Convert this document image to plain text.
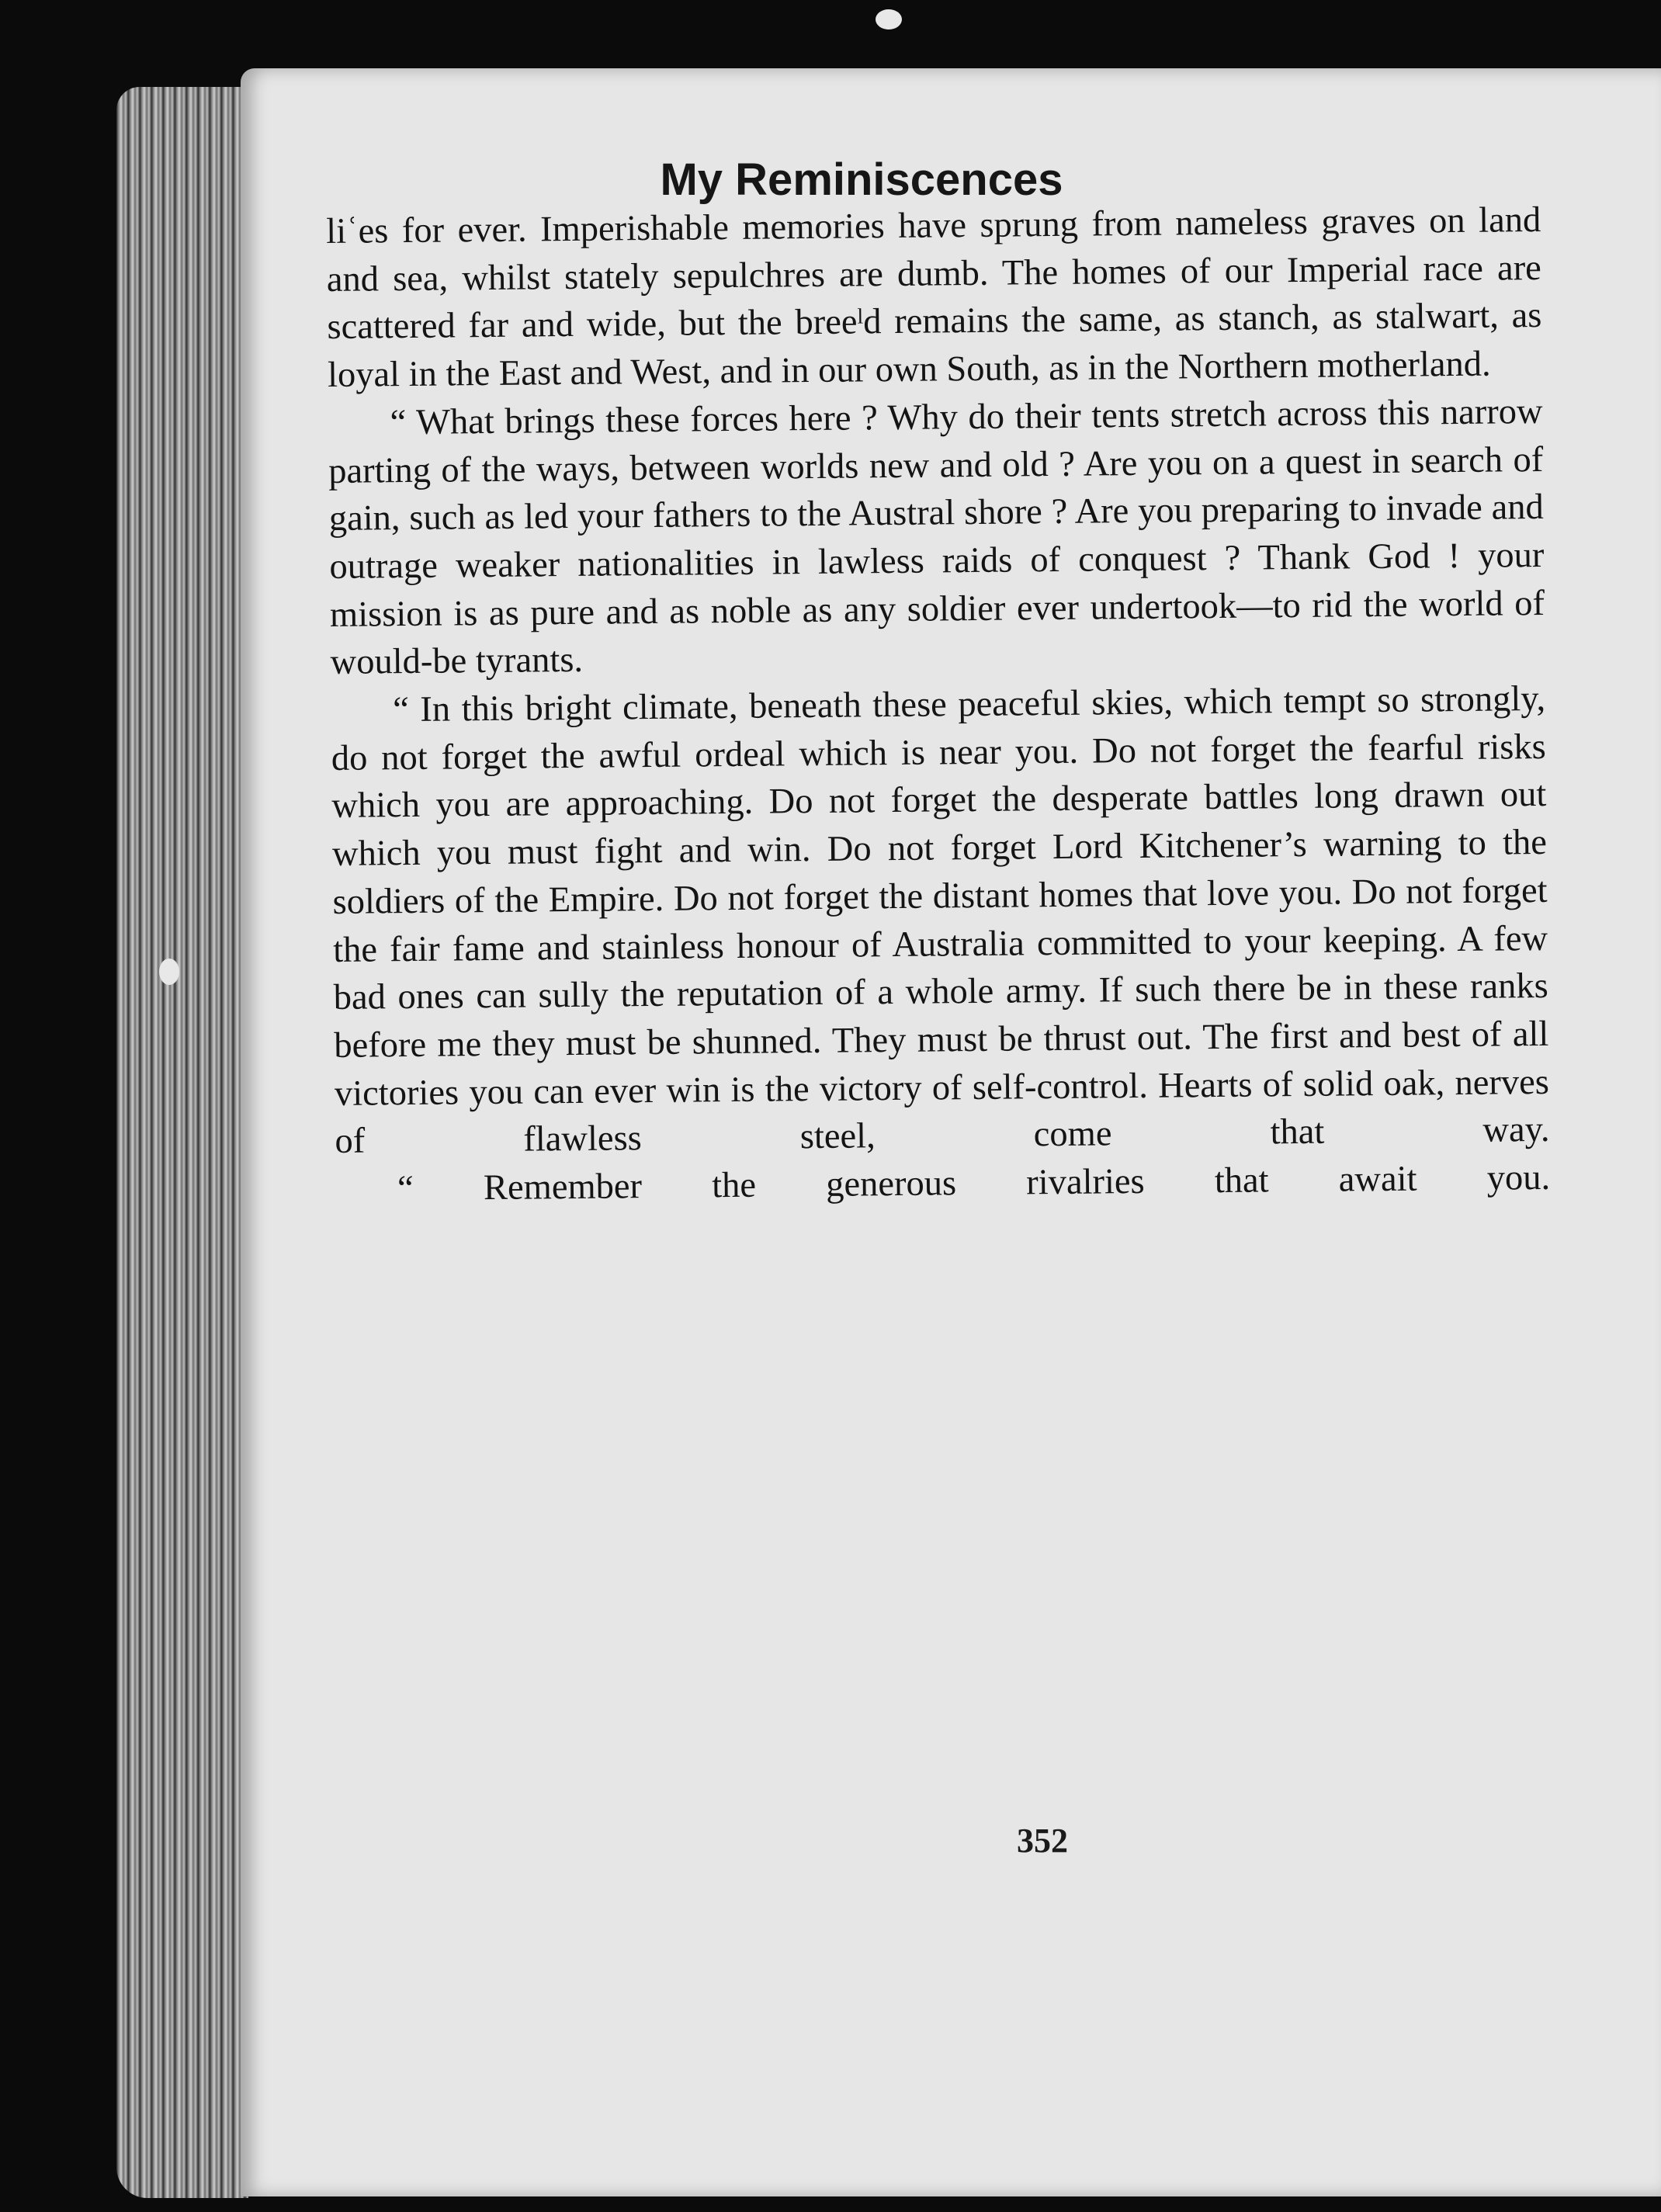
My Reminiscences

liʿes for ever. Imperishable memories have sprung from nameless graves on land and sea, whilst stately sepulchres are dumb. The homes of our Imperial race are scattered far and wide, but the breeˡd remains the same, as stanch, as stalwart, as loyal in the East and West, and in our own South, as in the Northern motherland.

“ What brings these forces here ? Why do their tents stretch across this narrow parting of the ways, between worlds new and old ? Are you on a quest in search of gain, such as led your fathers to the Austral shore ? Are you preparing to invade and outrage weaker nationalities in lawless raids of conquest ? Thank God ! your mission is as pure and as noble as any soldier ever undertook—to rid the world of would-be tyrants.

“ In this bright climate, beneath these peaceful skies, which tempt so strongly, do not forget the awful ordeal which is near you. Do not forget the fearful risks which you are approaching. Do not forget the desperate battles long drawn out which you must fight and win. Do not forget Lord Kitchener’s warning to the soldiers of the Empire. Do not forget the distant homes that love you. Do not forget the fair fame and stainless honour of Australia committed to your keeping. A few bad ones can sully the reputation of a whole army. If such there be in these ranks before me they must be shunned. They must be thrust out. The first and best of all victories you can ever win is the victory of self-control. Hearts of solid oak, nerves of flawless steel, come that way.

“ Remember the generous rivalries that await you.

352
